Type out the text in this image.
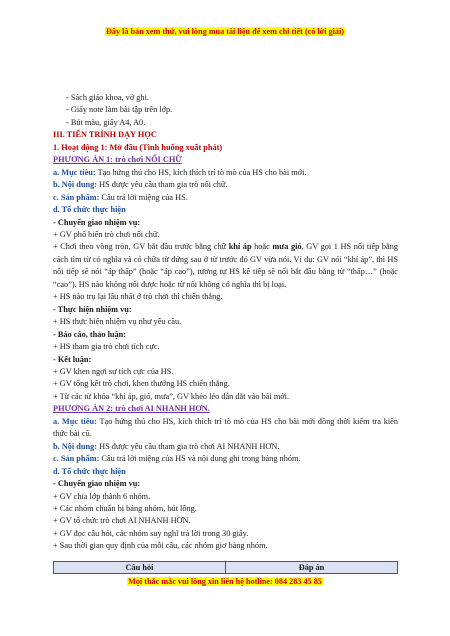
Đây là bản xem thử, vui lòng mua tài liệu để xem chi tiết (có lời giải)
- Sách giáo khoa, vở ghi.
- Giấy note làm bài tập trên lớp.
- Bút màu, giấy A4, A0.
III. TIẾN TRÌNH DẠY HỌC
1. Hoạt động 1: Mở đầu (Tình huống xuất phát)
PHƯƠNG ÁN 1: trò chơi NỐI CHỮ
a. Mục tiêu: Tạo hứng thú cho HS, kích thích trí tò mò của HS cho bài mới.
b. Nội dung: HS được yêu cầu tham gia trò nối chữ.
c. Sản phẩm: Câu trả lời miệng của HS.
d. Tổ chức thực hiện
- Chuyển giao nhiệm vụ:
+ GV phổ biến trò chơi nối chữ.
+ Chơi theo vòng tròn, GV bắt đầu trước bằng chữ khí áp hoặc mưa gió, GV gọi 1 HS nối tiếp bằng cách tìm từ có nghĩa và có chữa từ đứng sau ở từ trước đó GV vừa nói. Ví dụ: GV nói “khí áp”, thì HS nối tiếp sẽ nói “áp thấp” (hoặc “áp cao”), tương tự HS kế tiếp sẽ nối bắt đầu bằng từ “thấp…” (hoặc “cao”). HS nào không nối được hoặc từ nối không có nghĩa thì bị loại.
+ HS nào trụ lại lâu nhất ở trò chơi thì chiến thắng.
- Thực hiện nhiệm vụ:
+ HS thực hiện nhiệm vụ như yêu cầu.
- Báo cáo, thảo luận:
+ HS tham gia trò chơi tích cực.
- Kết luận:
+ GV khen ngợi sự tích cực của HS.
+ GV tổng kết trò chơi, khen thưởng HS chiến thắng.
+ Từ các từ khóa “khí áp, gió, mưa”, GV khéo léo dẫn dắt vào bài mới.
PHƯƠNG ÁN 2: trò chơi AI NHANH HƠN.
a. Mục tiêu: Tạo hứng thú cho HS, kích thích trí tò mò của HS cho bài mới đồng thời kiểm tra kiến thức bài cũ.
b. Nội dung: HS được yêu cầu tham gia trò chơi AI NHANH HƠN.
c. Sản phẩm: Câu trả lời miệng của HS và nội dung ghi trong bảng nhóm.
d. Tổ chức thực hiện
- Chuyển giao nhiệm vụ:
+ GV chia lớp thành 6 nhóm.
+ Các nhóm chuẩn bị bảng nhóm, bút lông.
+ GV tổ chức trò chơi AI NHANH HƠN.
+ GV đọc câu hỏi, các nhóm suy nghĩ trả lời trong 30 giây.
+ Sau thời gian quy định của mỗi câu, các nhóm giơ bảng nhóm.
Câu hỏi	Đáp án
Mọi thắc mắc vui lòng xin liên hệ hotline: 084 283 45 85
